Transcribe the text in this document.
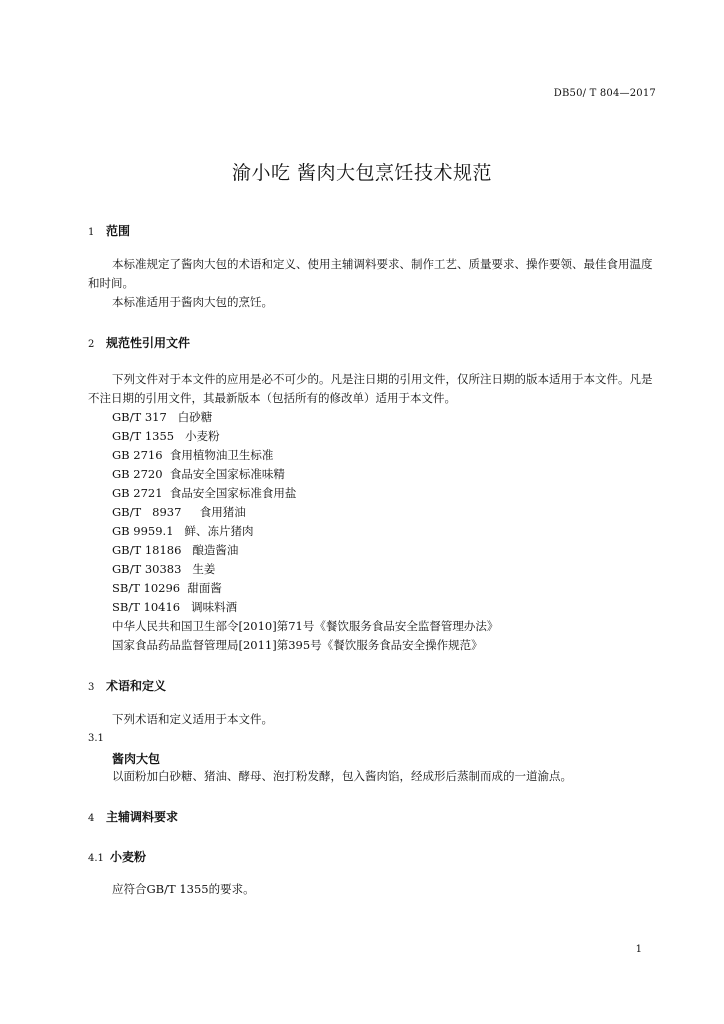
DB50/ T 804—2017
渝小吃 酱肉大包烹饪技术规范
1 范围
本标准规定了酱肉大包的术语和定义、使用主辅调料要求、制作工艺、质量要求、操作要领、最佳食用温度和时间。
本标准适用于酱肉大包的烹饪。
2 规范性引用文件
下列文件对于本文件的应用是必不可少的。凡是注日期的引用文件，仅所注日期的版本适用于本文件。凡是不注日期的引用文件，其最新版本（包括所有的修改单）适用于本文件。
GB/T 317   白砂糖
GB/T 1355   小麦粉
GB 2716  食用植物油卫生标准
GB 2720  食品安全国家标准味精
GB 2721  食品安全国家标准食用盐
GB/T   8937     食用猪油
GB 9959.1   鲜、冻片猪肉
GB/T 18186   酿造酱油
GB/T 30383   生姜
SB/T 10296  甜面酱
SB/T 10416   调味料酒
中华人民共和国卫生部令[2010]第71号《餐饮服务食品安全监督管理办法》
国家食品药品监督管理局[2011]第395号《餐饮服务食品安全操作规范》
3 术语和定义
下列术语和定义适用于本文件。
3.1
酱肉大包
以面粉加白砂糖、猪油、酵母、泡打粉发酵，包入酱肉馅，经成形后蒸制而成的一道渝点。
4 主辅调料要求
4.1 小麦粉
应符合GB/T 1355的要求。
1
